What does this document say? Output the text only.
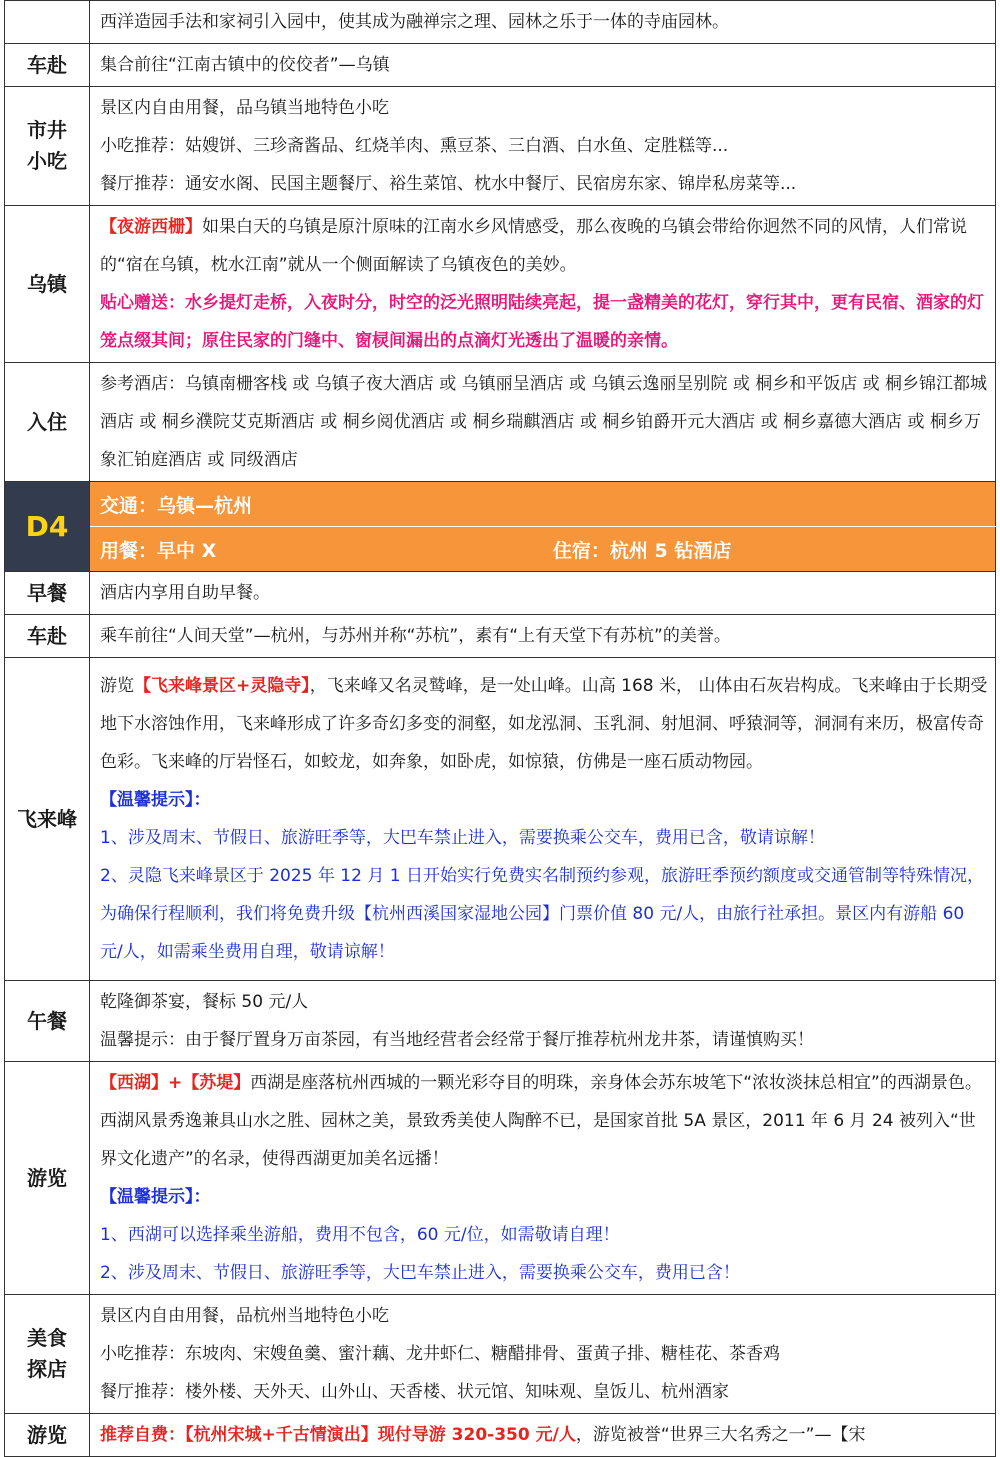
	西洋造园手法和家祠引入园中，使其成为融禅宗之理、园林之乐于一体的寺庙园林。

车赴	集合前往“江南古镇中的佼佼者”—乌镇

市井小吃	景区内自由用餐，品乌镇当地特色小吃
小吃推荐：姑嫂饼、三珍斋酱品、红烧羊肉、熏豆茶、三白酒、白水鱼、定胜糕等...
餐厅推荐：通安水阁、民国主题餐厅、裕生菜馆、枕水中餐厅、民宿房东家、锦岸私房菜等...

乌镇	【夜游西栅】如果白天的乌镇是原汁原味的江南水乡风情感受，那么夜晚的乌镇会带给你迥然不同的风情，人们常说的“宿在乌镇，枕水江南”就从一个侧面解读了乌镇夜色的美妙。
贴心赠送：水乡提灯走桥，入夜时分，时空的泛光照明陆续亮起，提一盏精美的花灯，穿行其中，更有民宿、酒家的灯笼点缀其间；原住民家的门缝中、窗棂间漏出的点滴灯光透出了温暖的亲情。

入住	参考酒店：乌镇南栅客栈 或 乌镇子夜大酒店 或 乌镇丽呈酒店 或 乌镇云逸丽呈别院 或 桐乡和平饭店 或 桐乡锦江都城酒店 或 桐乡濮院艾克斯酒店 或 桐乡阅优酒店 或 桐乡瑞麒酒店 或 桐乡铂爵开元大酒店 或 桐乡嘉德大酒店 或 桐乡万象汇铂庭酒店 或 同级酒店

D4	交通：乌镇—杭州
	用餐：早中 X 住宿：杭州 5 钻酒店
早餐	酒店内享用自助早餐。

车赴	乘车前往“人间天堂”—杭州，与苏州并称“苏杭”，素有“上有天堂下有苏杭”的美誉。

飞来峰	游览【飞来峰景区+灵隐寺】，飞来峰又名灵鹫峰，是一处山峰。山高 168 米， 山体由石灰岩构成。飞来峰由于长期受地下水溶蚀作用，飞来峰形成了许多奇幻多变的洞壑，如龙泓洞、玉乳洞、射旭洞、呼猿洞等，洞洞有来历，极富传奇色彩。飞来峰的厅岩怪石，如蛟龙，如奔象，如卧虎，如惊猿，仿佛是一座石质动物园。
【温馨提示】：
1、涉及周末、节假日、旅游旺季等，大巴车禁止进入，需要换乘公交车，费用已含，敬请谅解！
2、灵隐飞来峰景区于 2025 年 12 月 1 日开始实行免费实名制预约参观，旅游旺季预约额度或交通管制等特殊情况，为确保行程顺利，我们将免费升级【杭州西溪国家湿地公园】门票价值 80 元/人，由旅行社承担。景区内有游船 60 元/人，如需乘坐费用自理，敬请谅解！

午餐	乾隆御茶宴，餐标 50 元/人
温馨提示：由于餐厅置身万亩茶园，有当地经营者会经常于餐厅推荐杭州龙井茶，请谨慎购买！

游览	【西湖】+【苏堤】西湖是座落杭州西城的一颗光彩夺目的明珠，亲身体会苏东坡笔下“浓妆淡抹总相宜”的西湖景色。西湖风景秀逸兼具山水之胜、园林之美，景致秀美使人陶醉不已，是国家首批 5A 景区，2011 年 6 月 24 被列入“世界文化遗产”的名录，使得西湖更加美名远播！
【温馨提示】：
1、西湖可以选择乘坐游船，费用不包含，60 元/位，如需敬请自理！
2、涉及周末、节假日、旅游旺季等，大巴车禁止进入，需要换乘公交车，费用已含！

美食探店	景区内自由用餐，品杭州当地特色小吃
小吃推荐：东坡肉、宋嫂鱼羹、蜜汁藕、龙井虾仁、糖醋排骨、蛋黄子排、糖桂花、茶香鸡
餐厅推荐：楼外楼、天外天、山外山、天香楼、状元馆、知味观、皇饭儿、杭州酒家

游览	推荐自费：【杭州宋城+千古情演出】现付导游 320-350 元/人，游览被誉“世界三大名秀之一”—【宋
